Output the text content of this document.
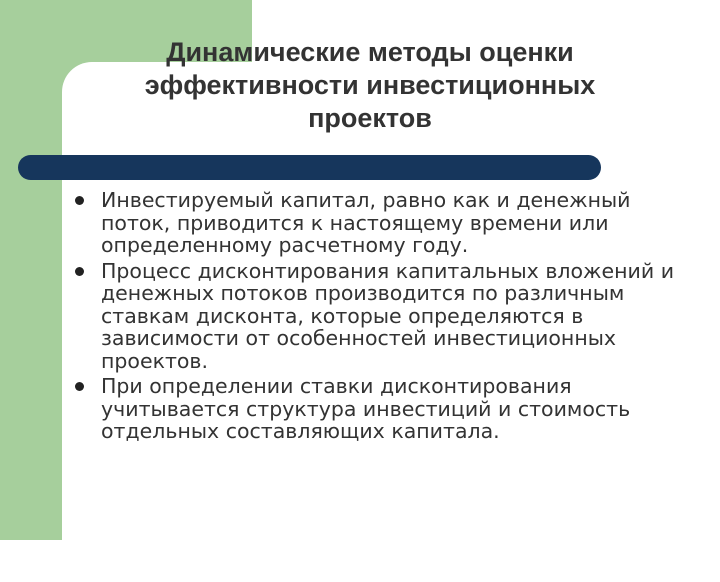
Динамические методы оценки
эффективности инвестиционных
проектов
Инвестируемый капитал, равно как и денежный поток, приводится к настоящему времени или определенному расчетному году.
Процесс дисконтирования капитальных вложений и денежных потоков производится по различным ставкам дисконта, которые определяются в зависимости от особенностей инвестиционных проектов.
При определении ставки дисконтирования учитывается структура инвестиций и стоимость отдельных составляющих капитала.
